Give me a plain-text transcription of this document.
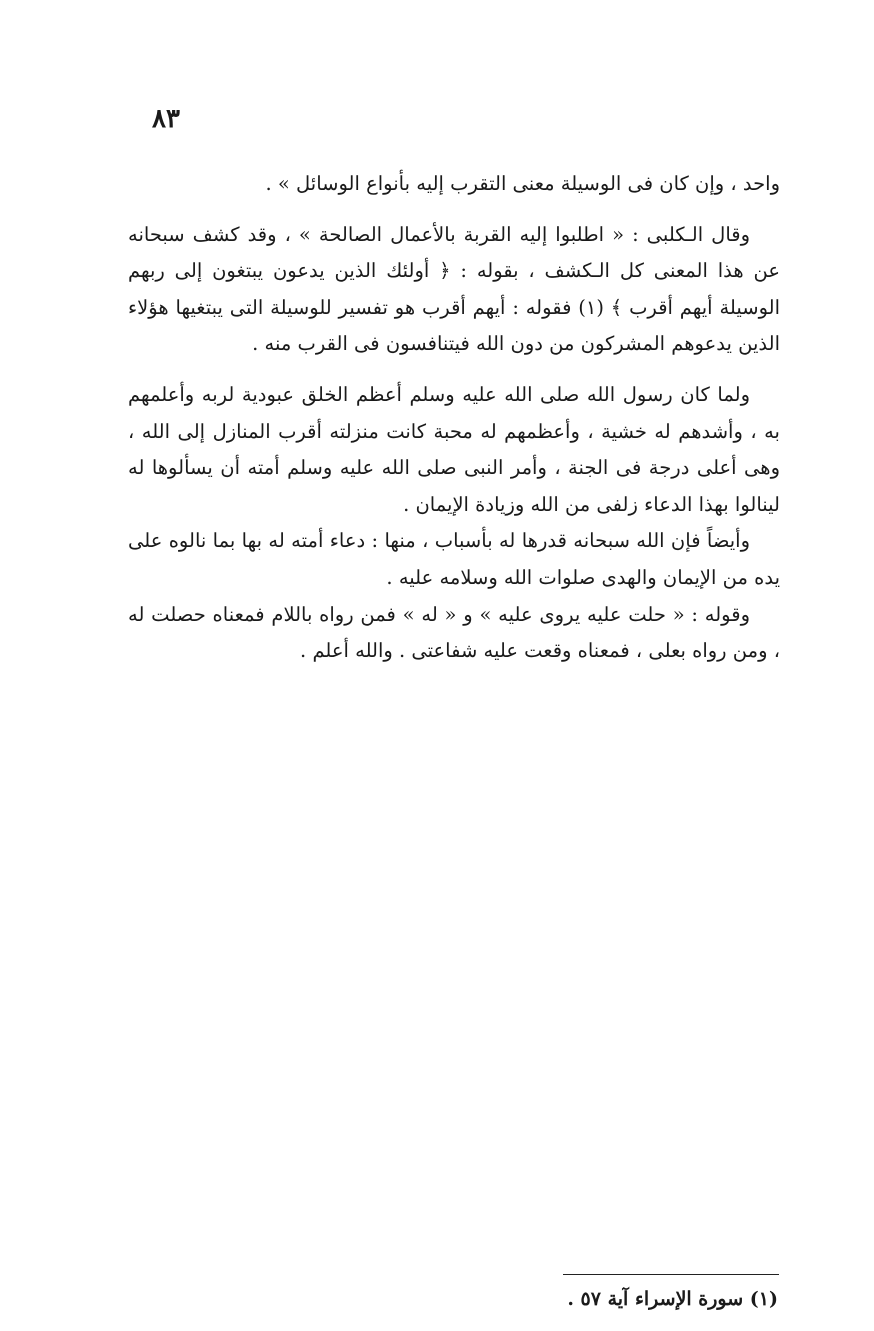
٨٣

واحد ، وإن كان فى الوسيلة معنى التقرب إليه بأنواع الوسائل » .

وقال الـكلبى : « اطلبوا إليه القربة بالأعمال الصالحة » ، وقد كشف سبحانه عن هذا المعنى كل الـكشف ، بقوله : ﴿ أولئك الذين يدعون يبتغون إلى ربهم الوسيلة أيهم أقرب ﴾ (١) فقوله : أيهم أقرب هو تفسير للوسيلة التى يبتغيها هؤلاء الذين يدعوهم المشركون من دون الله فيتنافسون فى القرب منه .

ولما كان رسول الله صلى الله عليه وسلم أعظم الخلق عبودية لربه وأعلمهم به ، وأشدهم له خشية ، وأعظمهم له محبة كانت منزلته أقرب المنازل إلى الله ، وهى أعلى درجة فى الجنة ، وأمر النبى صلى الله عليه وسلم أمته أن يسألوها له لينالوا بهذا الدعاء زلفى من الله وزيادة الإيمان .

وأيضاً فإن الله سبحانه قدرها له بأسباب ، منها : دعاء أمته له بها بما نالوه على يده من الإيمان والهدى صلوات الله وسلامه عليه .

وقوله : « حلت عليه يروى عليه » و « له » فمن رواه باللام فمعناه حصلت له ، ومن رواه بعلى ، فمعناه وقعت عليه شفاعتى . والله أعلم .

(١) سورة الإسراء آية ٥٧ .
